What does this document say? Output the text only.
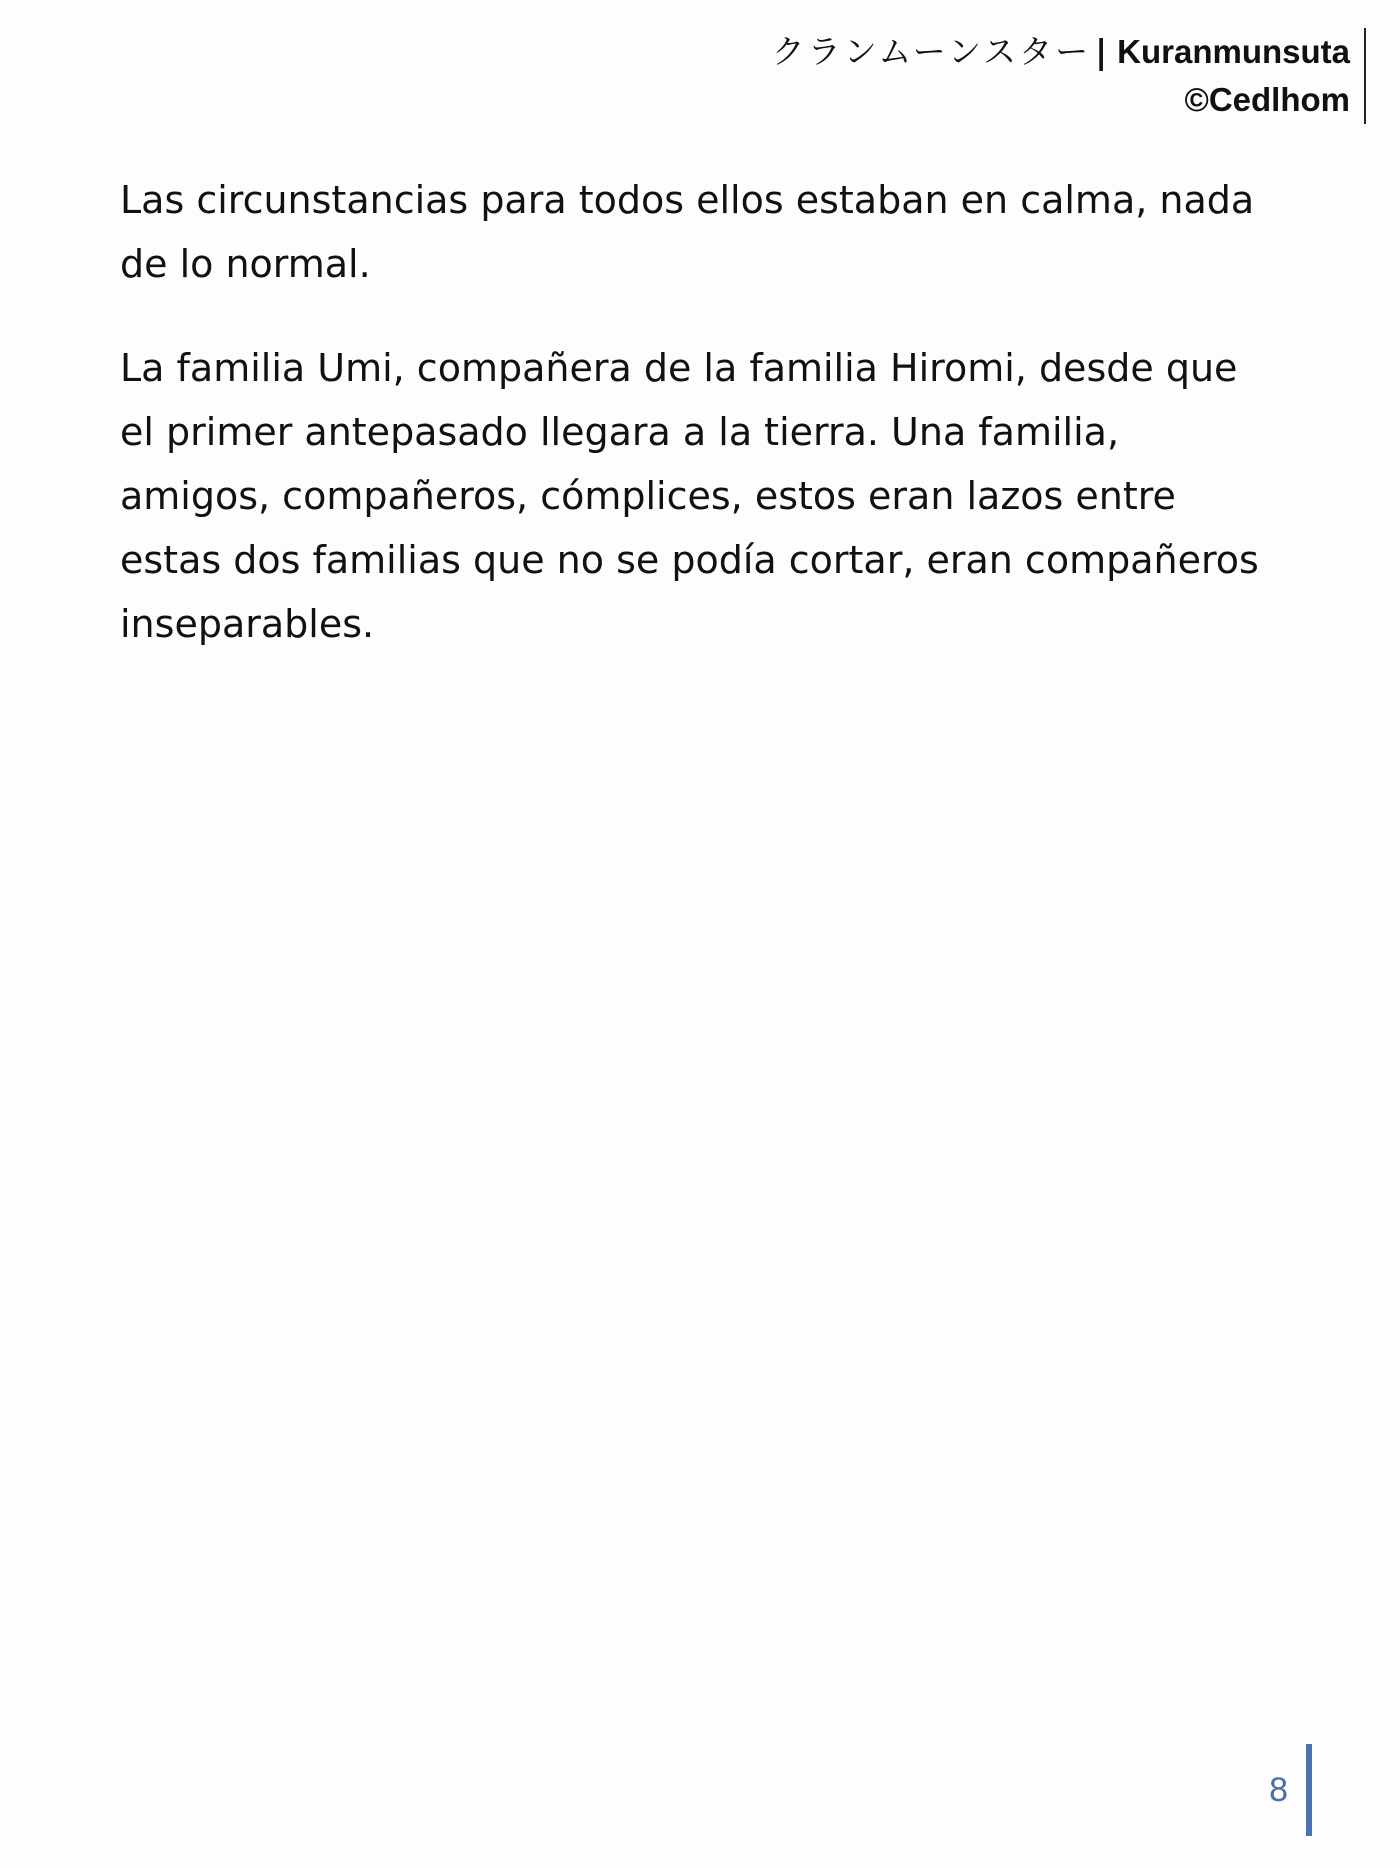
クランムーンスター | Kuranmunsuta
©Cedlhom

Las circunstancias para todos ellos estaban en calma, nada de lo normal.

La familia Umi, compañera de la familia Hiromi, desde que el primer antepasado llegara a la tierra. Una familia, amigos, compañeros, cómplices, estos eran lazos entre estas dos familias que no se podía cortar, eran compañeros inseparables.

8
